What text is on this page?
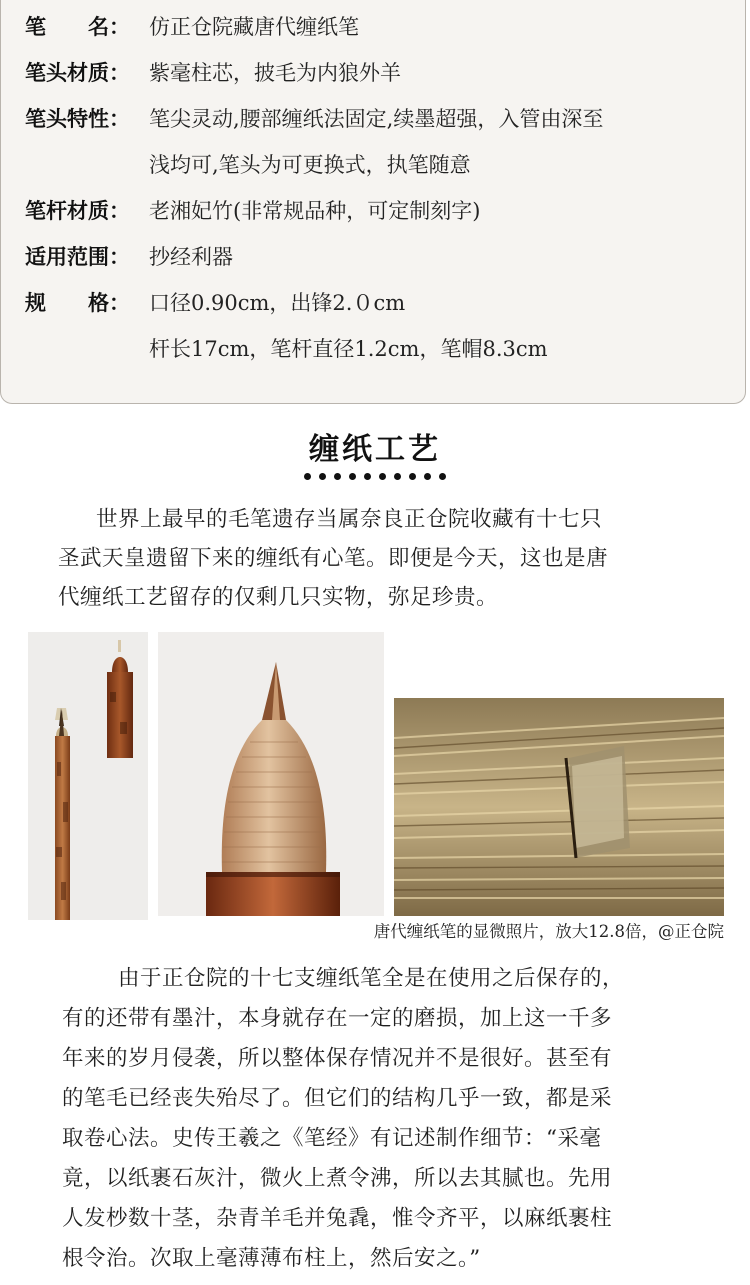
笔　　名： 仿正仓院藏唐代缠纸笔
笔头材质： 紫毫柱芯，披毛为内狼外羊
笔头特性： 笔尖灵动,腰部缠纸法固定,续墨超强，入管由深至
浅均可,笔头为可更换式，执笔随意
笔杆材质： 老湘妃竹(非常规品种，可定制刻字)
适用范围： 抄经利器
规　　格： 口径0.90cm，出锋2.０cm
杆长17cm，笔杆直径1.2cm，笔帽8.3cm
缠纸工艺
世界上最早的毛笔遗存当属奈良正仓院收藏有十七只
圣武天皇遗留下来的缠纸有心笔。即便是今天，这也是唐
代缠纸工艺留存的仅剩几只实物，弥足珍贵。
唐代缠纸笔的显微照片，放大12.8倍，@正仓院
由于正仓院的十七支缠纸笔全是在使用之后保存的，
有的还带有墨汁，本身就存在一定的磨损，加上这一千多
年来的岁月侵袭，所以整体保存情况并不是很好。甚至有
的笔毛已经丧失殆尽了。但它们的结构几乎一致，都是采
取卷心法。史传王羲之《笔经》有记述制作细节：“采毫
竟，以纸裹石灰汁，微火上煮令沸，所以去其腻也。先用
人发杪数十茎，杂青羊毛并兔毳，惟令齐平，以麻纸裹柱
根令治。次取上毫薄薄布柱上，然后安之。”
